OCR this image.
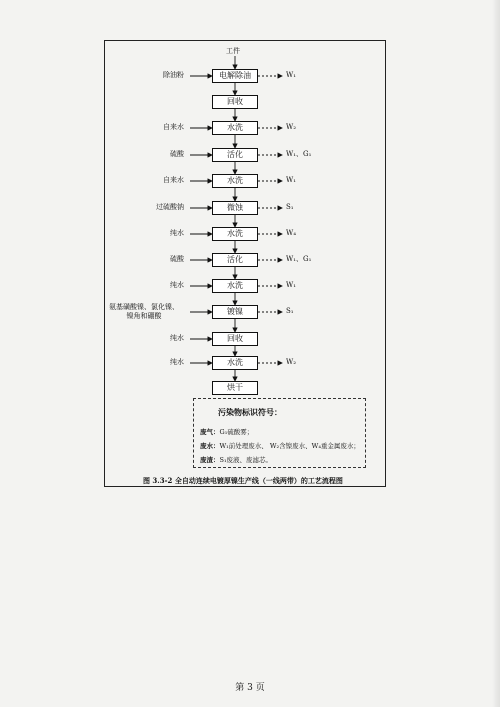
工件
电解除油
除油粉	W₁
回收
水洗
自来水	W₂
活化
硫酸	W₁、G₁
水洗
自来水	W₁
微蚀
过硫酸钠	S₁
水洗
纯水	W₄
活化
硫酸	W₁、G₁
水洗
纯水	W₁
镀镍
氨基磺酸镍、氯化镍、镍角和硼酸
S₁
回收
纯水
水洗
纯水	W₂
烘干
污染物标识符号：
废气：G₁硫酸雾；
废水：W₁前处理废水、 W₂含镍废水、W₄重金属废水；
废渣：S₁废液、废滤芯。
图 3.3-2 全自动连续电镀厚镍生产线（一线两带）的工艺流程图
第 3 页
